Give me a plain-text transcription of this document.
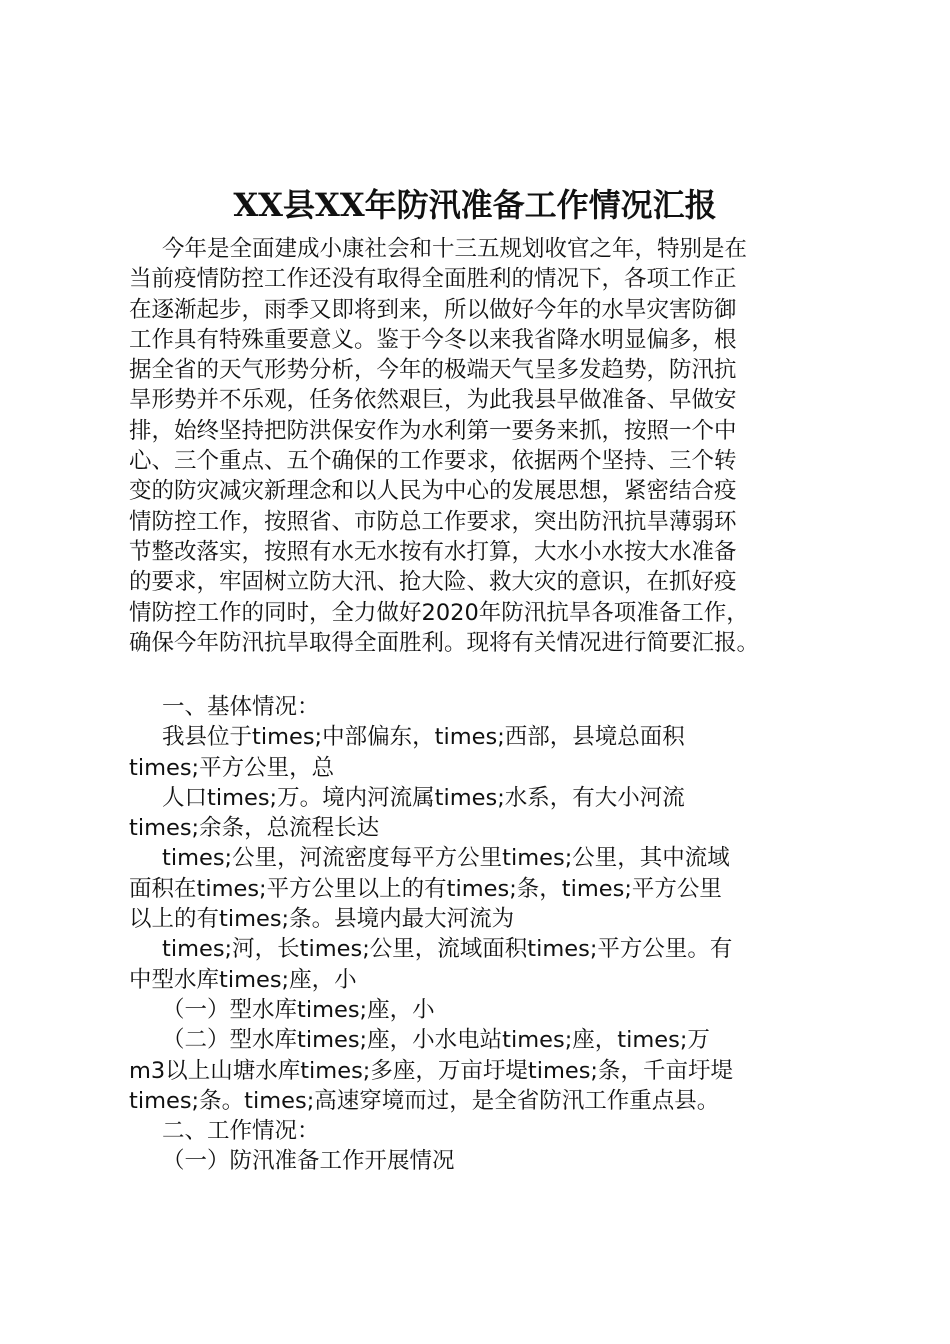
XX县XX年防汛准备工作情况汇报

今年是全面建成小康社会和十三五规划收官之年，特别是在
当前疫情防控工作还没有取得全面胜利的情况下，各项工作正
在逐渐起步，雨季又即将到来，所以做好今年的水旱灾害防御
工作具有特殊重要意义。鉴于今冬以来我省降水明显偏多，根
据全省的天气形势分析，今年的极端天气呈多发趋势，防汛抗
旱形势并不乐观，任务依然艰巨，为此我县早做准备、早做安
排，始终坚持把防洪保安作为水利第一要务来抓，按照一个中
心、三个重点、五个确保的工作要求，依据两个坚持、三个转
变的防灾减灾新理念和以人民为中心的发展思想，紧密结合疫
情防控工作，按照省、市防总工作要求，突出防汛抗旱薄弱环
节整改落实，按照有水无水按有水打算，大水小水按大水准备
的要求，牢固树立防大汛、抢大险、救大灾的意识，在抓好疫
情防控工作的同时，全力做好2020年防汛抗旱各项准备工作，
确保今年防汛抗旱取得全面胜利。现将有关情况进行简要汇报。

一、基体情况：

我县位于times;中部偏东，times;西部，县境总面积
times;平方公里，总

人口times;万。境内河流属times;水系，有大小河流
times;余条，总流程长达

times;公里，河流密度每平方公里times;公里，其中流域
面积在times;平方公里以上的有times;条，times;平方公里
以上的有times;条。县境内最大河流为

times;河，长times;公里，流域面积times;平方公里。有
中型水库times;座，小

（一）型水库times;座，小

（二）型水库times;座，小水电站times;座，times;万
m3以上山塘水库times;多座，万亩圩堤times;条，千亩圩堤
times;条。times;高速穿境而过，是全省防汛工作重点县。

二、工作情况：

（一）防汛准备工作开展情况
